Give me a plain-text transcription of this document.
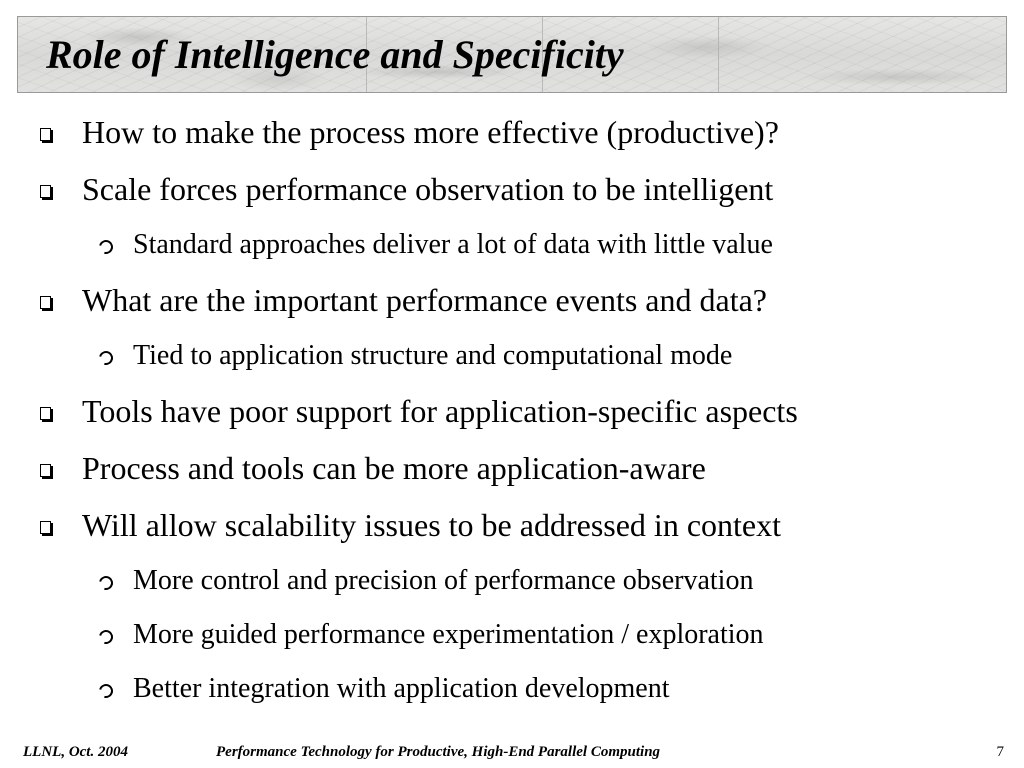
Role of Intelligence and Specificity
How to make the process more effective (productive)?
Scale forces performance observation to be intelligent
Standard approaches deliver a lot of data with little value
What are the important performance events and data?
Tied to application structure and computational mode
Tools have poor support for application-specific aspects
Process and tools can be more application-aware
Will allow scalability issues to be addressed in context
More control and precision of performance observation
More guided performance experimentation / exploration
Better integration with application development
LLNL, Oct. 2004	Performance Technology for Productive, High-End Parallel Computing	7
